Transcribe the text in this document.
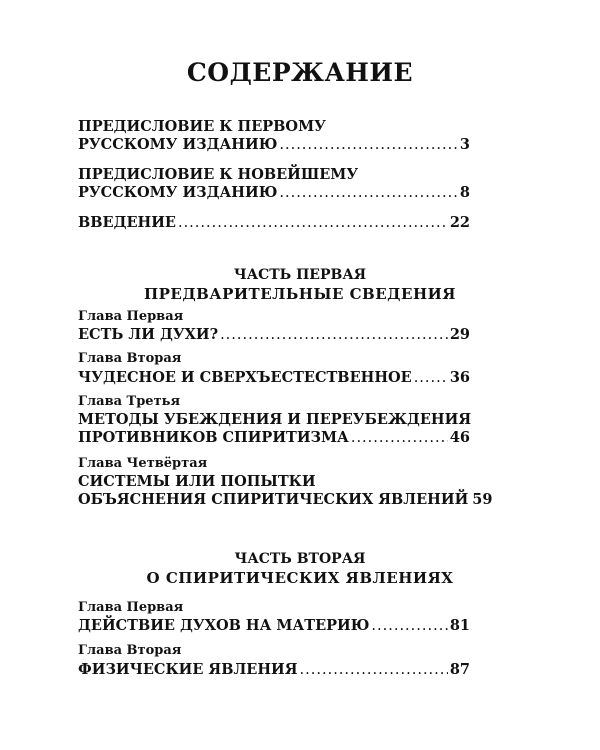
СОДЕРЖАНИЕ
ПРЕДИСЛОВИЕ К ПЕРВОМУ
РУССКОМУ ИЗДАНИЮ .....	3
ПРЕДИСЛОВИЕ К НОВЕЙШЕМУ
РУССКОМУ ИЗДАНИЮ .....	8
ВВЕДЕНИЕ .....	22
ЧАСТЬ ПЕРВАЯ
ПРЕДВАРИТЕЛЬНЫЕ СВЕДЕНИЯ
Глава Первая
ЕСТЬ ЛИ ДУХИ? .....	29
Глава Вторая
ЧУДЕСНОЕ И СВЕРХЪЕСТЕСТВЕННОЕ .....	36
Глава Третья
МЕТОДЫ УБЕЖДЕНИЯ И ПЕРЕУБЕЖДЕНИЯ
ПРОТИВНИКОВ СПИРИТИЗМА .....	46
Глава Четвёртая
СИСТЕМЫ ИЛИ ПОПЫТКИ
ОБЪЯСНЕНИЯ СПИРИТИЧЕСКИХ ЯВЛЕНИЙ 59
ЧАСТЬ ВТОРАЯ
О СПИРИТИЧЕСКИХ ЯВЛЕНИЯХ
Глава Первая
ДЕЙСТВИЕ ДУХОВ НА МАТЕРИЮ .....	81
Глава Вторая
ФИЗИЧЕСКИЕ ЯВЛЕНИЯ .....	87
